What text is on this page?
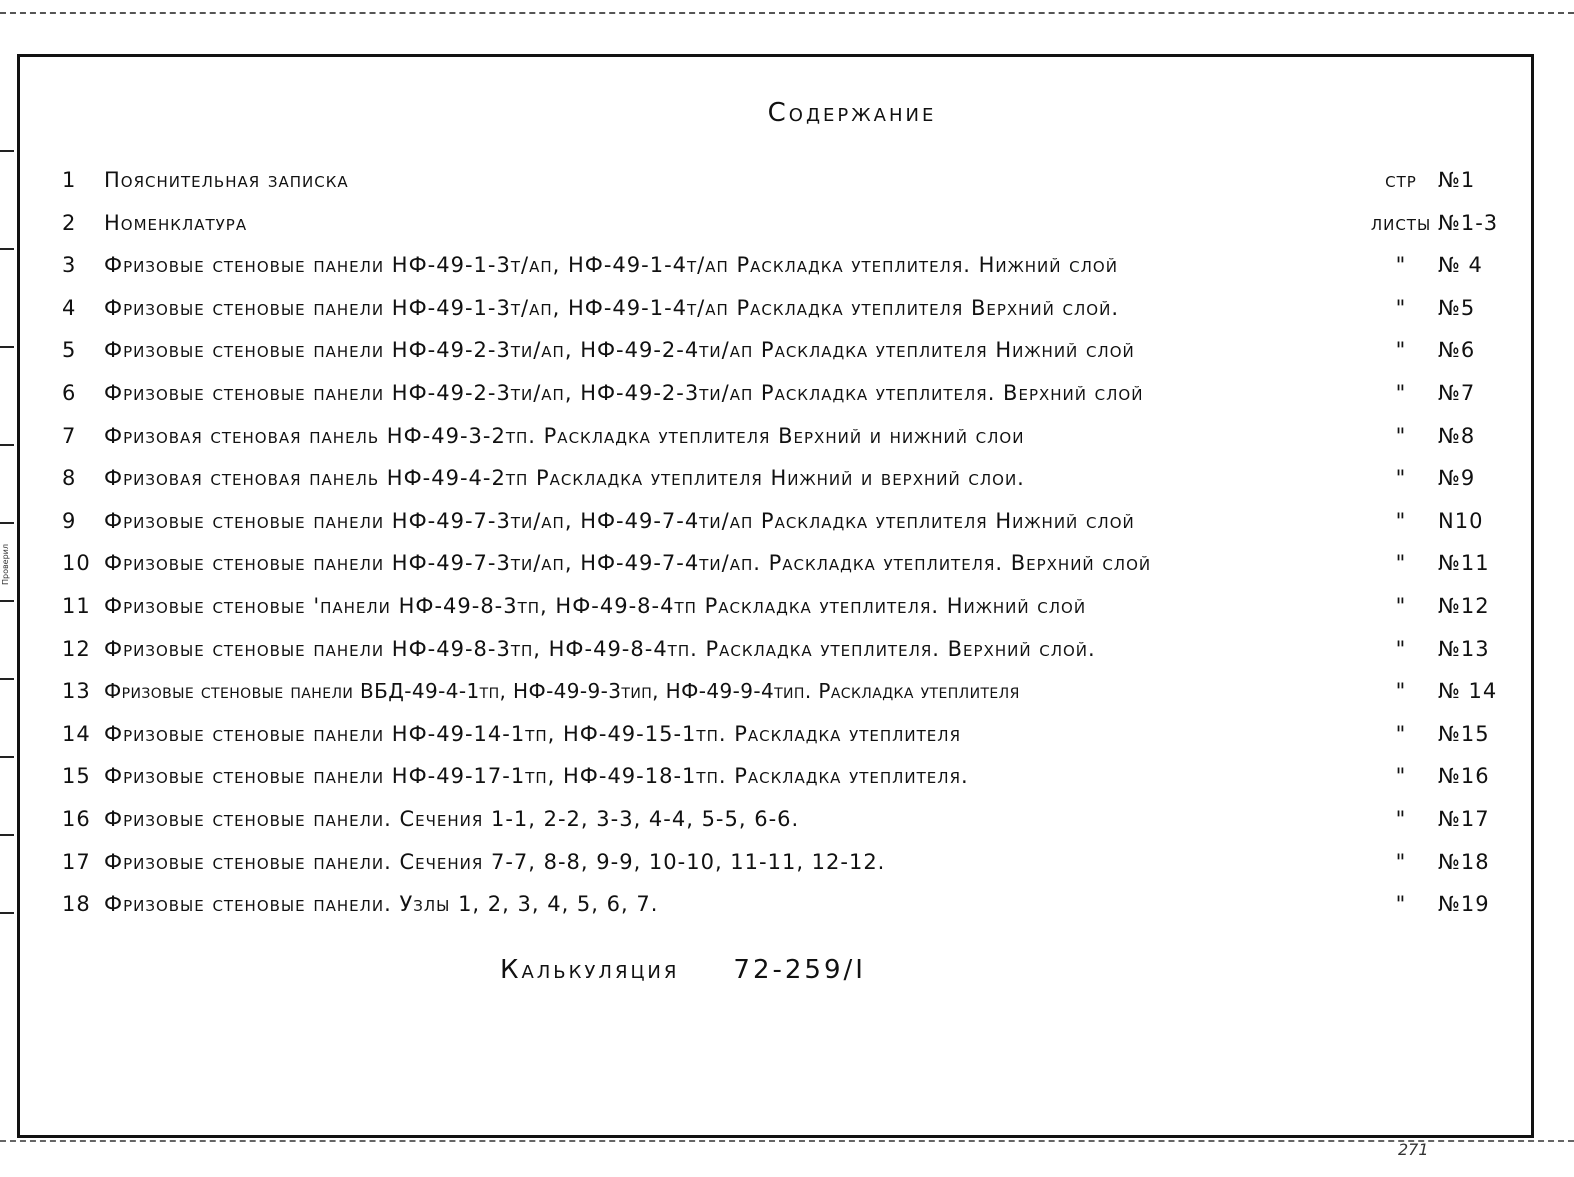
Проверил
Содержание
1	Пояснительная записка	стр	№1
2	Номенклатура	листы №1-3
3	Фризовые стеновые панели НФ-49-1-3т/ап, НФ-49-1-4т/ап Раскладка утеплителя. Нижний слой	"	№ 4
4	Фризовые стеновые панели НФ-49-1-3т/ап, НФ-49-1-4т/ап Раскладка утеплителя Верхний слой.	"	№5
5	Фризовые стеновые панели НФ-49-2-3ти/ап, НФ-49-2-4ти/ап Раскладка утеплителя Нижний слой	"	№6
6	Фризовые стеновые панели НФ-49-2-3ти/ап, НФ-49-2-3ти/ап Раскладка утеплителя. Верхний слой	"	№7
7	Фризовая стеновая панель НФ-49-3-2тп. Раскладка утеплителя Верхний и нижний слои	"	№8
8	Фризовая стеновая панель НФ-49-4-2тп Раскладка утеплителя Нижний и верхний слои.	"	№9
9	Фризовые стеновые панели НФ-49-7-3ти/ап, НФ-49-7-4ти/ап Раскладка утеплителя Нижний слой	"	N10
10 Фризовые стеновые панели НФ-49-7-3ти/ап, НФ-49-7-4ти/ап. Раскладка утеплителя. Верхний слой	"	№11
11 Фризовые стеновые 'панели НФ-49-8-3тп, НФ-49-8-4тп Раскладка утеплителя. Нижний слой	"	№12
12 Фризовые стеновые панели НФ-49-8-3тп, НФ-49-8-4тп. Раскладка утеплителя. Верхний слой.	"	№13
13 Фризовые стеновые панели ВБД-49-4-1тп, НФ-49-9-3тип, НФ-49-9-4тип. Раскладка утеплителя	"	№ 14
14 Фризовые стеновые панели НФ-49-14-1тп, НФ-49-15-1тп. Раскладка утеплителя	"	№15
15 Фризовые стеновые панели НФ-49-17-1тп, НФ-49-18-1тп. Раскладка утеплителя.	"	№16
16 Фризовые стеновые панели. Сечения 1-1, 2-2, 3-3, 4-4, 5-5, 6-6.	"	№17
17 Фризовые стеновые панели. Сечения 7-7, 8-8, 9-9, 10-10, 11-11, 12-12.	"	№18
18 Фризовые стеновые панели. Узлы 1, 2, 3, 4, 5, 6, 7.	"	№19
Калькуляция 72-259/I
271
